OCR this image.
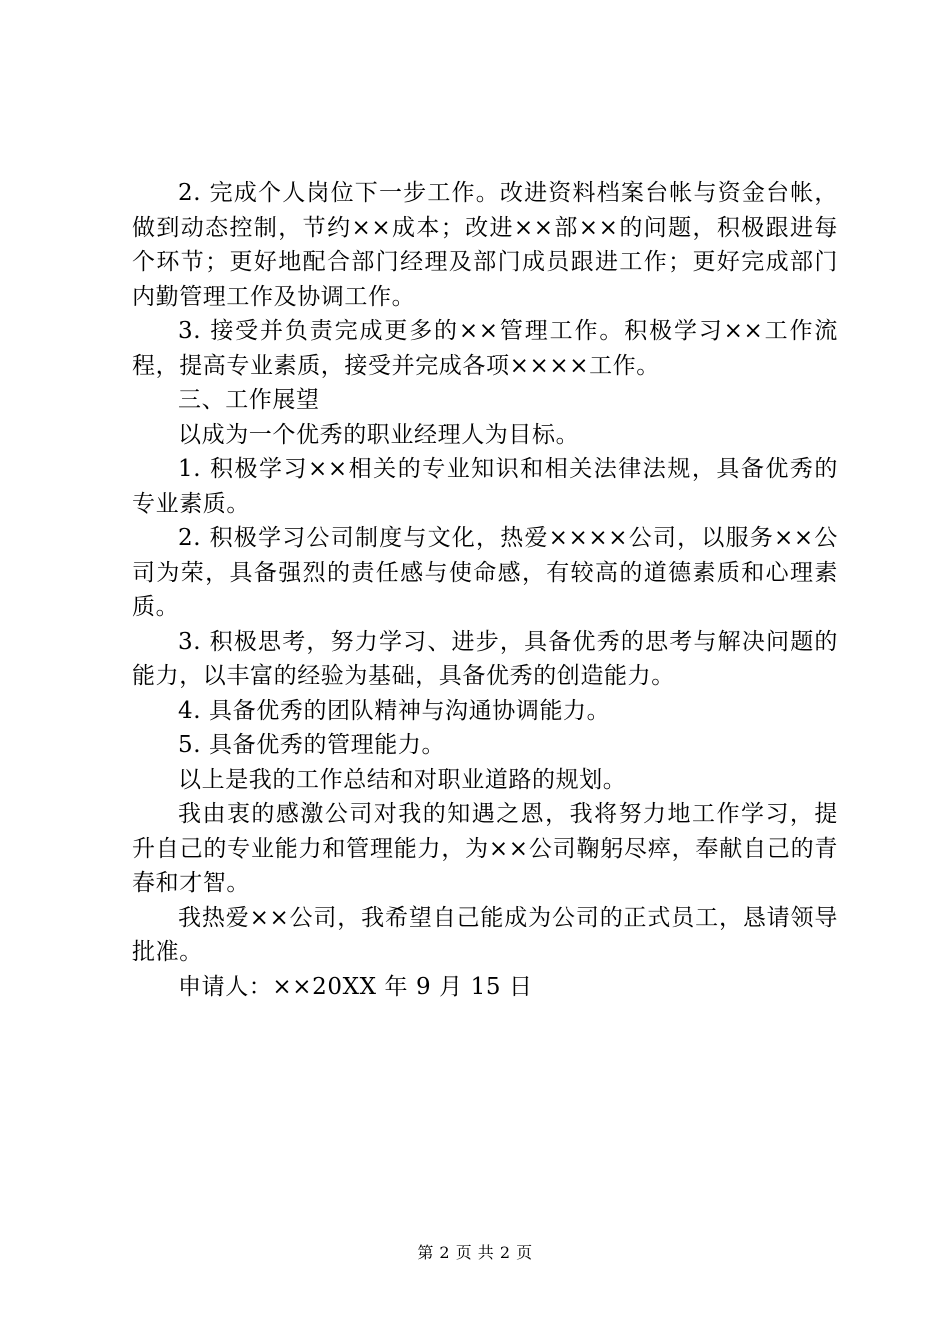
2. 完成个人岗位下一步工作。改进资料档案台帐与资金台帐，做到动态控制，节约××成本；改进××部××的问题，积极跟进每个环节；更好地配合部门经理及部门成员跟进工作；更好完成部门内勤管理工作及协调工作。

3. 接受并负责完成更多的××管理工作。积极学习××工作流程，提高专业素质，接受并完成各项××××工作。

三、工作展望

以成为一个优秀的职业经理人为目标。

1. 积极学习××相关的专业知识和相关法律法规，具备优秀的专业素质。

2. 积极学习公司制度与文化，热爱××××公司，以服务××公司为荣，具备强烈的责任感与使命感，有较高的道德素质和心理素质。

3. 积极思考，努力学习、进步，具备优秀的思考与解决问题的能力，以丰富的经验为基础，具备优秀的创造能力。

4. 具备优秀的团队精神与沟通协调能力。

5. 具备优秀的管理能力。

以上是我的工作总结和对职业道路的规划。

我由衷的感激公司对我的知遇之恩，我将努力地工作学习，提升自己的专业能力和管理能力，为××公司鞠躬尽瘁，奉献自己的青春和才智。

我热爱××公司，我希望自己能成为公司的正式员工，恳请领导批准。

申请人：××20XX 年 9 月 15 日

第 2 页 共 2 页
